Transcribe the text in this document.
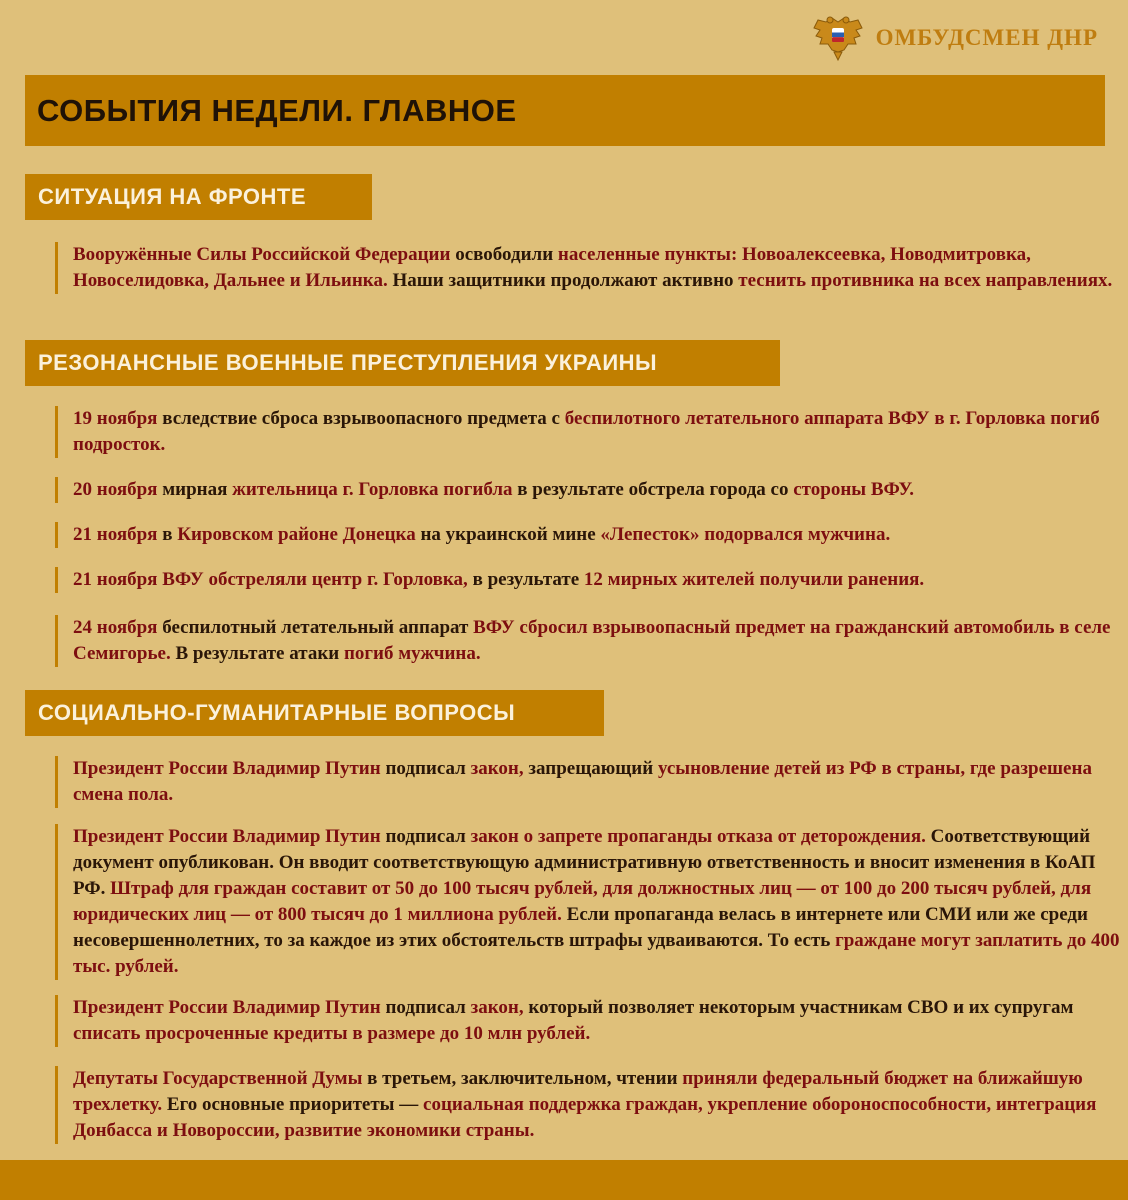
ОМБУДСМЕН ДНР
СОБЫТИЯ НЕДЕЛИ. ГЛАВНОЕ
СИТУАЦИЯ НА ФРОНТЕ
Вооружённые Силы Российской Федерации освободили населенные пункты: Новоалексеевка, Новодмитровка, Новоселидовка, Дальнее и Ильинка. Наши защитники продолжают активно теснить противника на всех направлениях.
РЕЗОНАНСНЫЕ ВОЕННЫЕ ПРЕСТУПЛЕНИЯ УКРАИНЫ
19 ноября вследствие сброса взрывоопасного предмета с беспилотного летательного аппарата ВФУ в г. Горловка погиб подросток.
20 ноября мирная жительница г. Горловка погибла в результате обстрела города со стороны ВФУ.
21 ноября в Кировском районе Донецка на украинской мине «Лепесток» подорвался мужчина.
21 ноября ВФУ обстреляли центр г. Горловка, в результате 12 мирных жителей получили ранения.
24 ноября беспилотный летательный аппарат ВФУ сбросил взрывоопасный предмет на гражданский автомобиль в селе Семигорье. В результате атаки погиб мужчина.
СОЦИАЛЬНО-ГУМАНИТАРНЫЕ ВОПРОСЫ
Президент России Владимир Путин подписал закон, запрещающий усыновление детей из РФ в страны, где разрешена смена пола.
Президент России Владимир Путин подписал закон о запрете пропаганды отказа от деторождения. Соответствующий документ опубликован. Он вводит соответствующую административную ответственность и вносит изменения в КоАП РФ. Штраф для граждан составит от 50 до 100 тысяч рублей, для должностных лиц — от 100 до 200 тысяч рублей, для юридических лиц — от 800 тысяч до 1 миллиона рублей. Если пропаганда велась в интернете или СМИ или же среди несовершеннолетних, то за каждое из этих обстоятельств штрафы удваиваются. То есть граждане могут заплатить до 400 тыс. рублей.
Президент России Владимир Путин подписал закон, который позволяет некоторым участникам СВО и их супругам списать просроченные кредиты в размере до 10 млн рублей.
Депутаты Государственной Думы в третьем, заключительном, чтении приняли федеральный бюджет на ближайшую трехлетку. Его основные приоритеты — социальная поддержка граждан, укрепление обороноспособности, интеграция Донбасса и Новороссии, развитие экономики страны.
